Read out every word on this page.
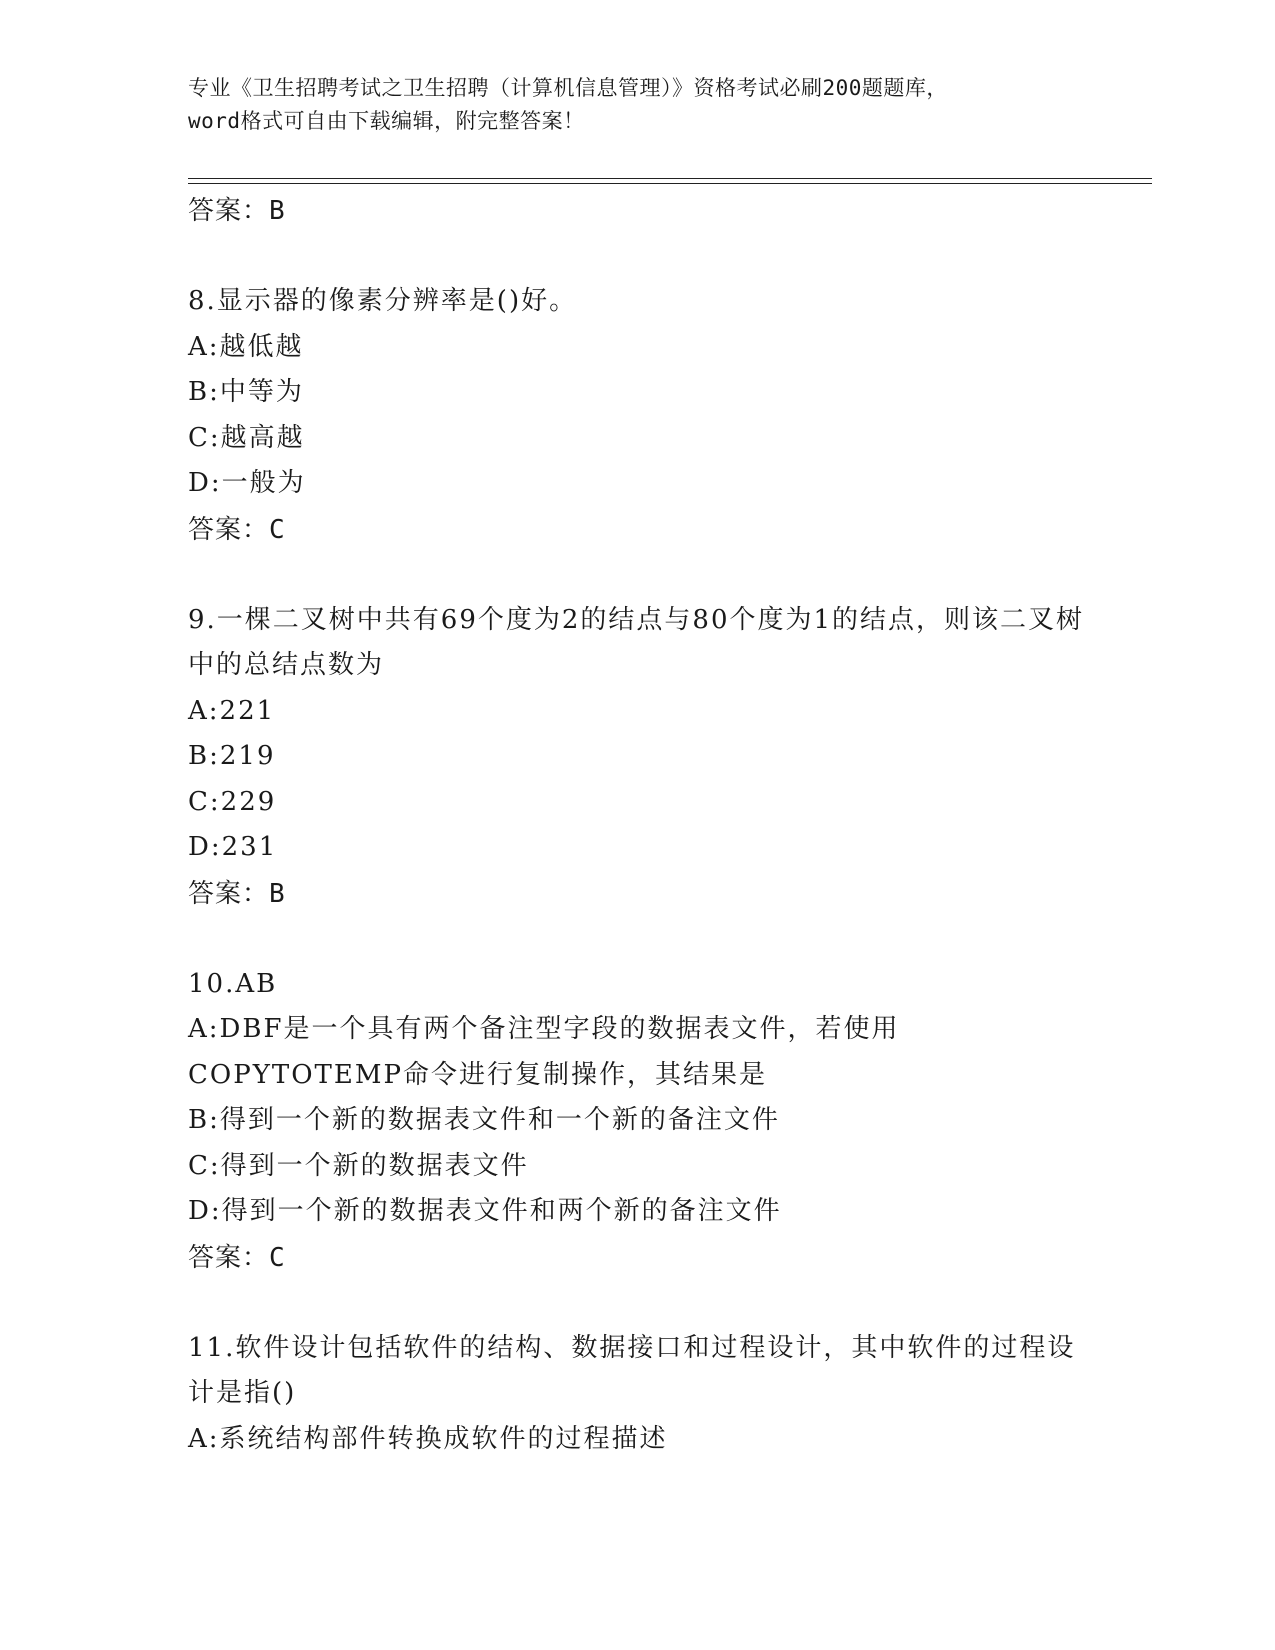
专业《卫生招聘考试之卫生招聘（计算机信息管理）》资格考试必刷200题题库，
word格式可自由下载编辑，附完整答案！
答案：B
8.显示器的像素分辨率是()好。
A: 越低越
B: 中等为
C: 越高越
D: 一般为
答案：C
9.一棵二叉树中共有69个度为2的结点与80个度为1的结点，则该二叉树中的总结点数为
A: 221
B: 219
C: 229
D: 231
答案：B
10.AB
A:DBF是一个具有两个备注型字段的数据表文件，若使用COPYTOTEMP命令进行复制操作，其结果是
B: 得到一个新的数据表文件和一个新的备注文件
C: 得到一个新的数据表文件
D: 得到一个新的数据表文件和两个新的备注文件
答案：C
11.软件设计包括软件的结构、数据接口和过程设计，其中软件的过程设计是指()
A: 系统结构部件转换成软件的过程描述
